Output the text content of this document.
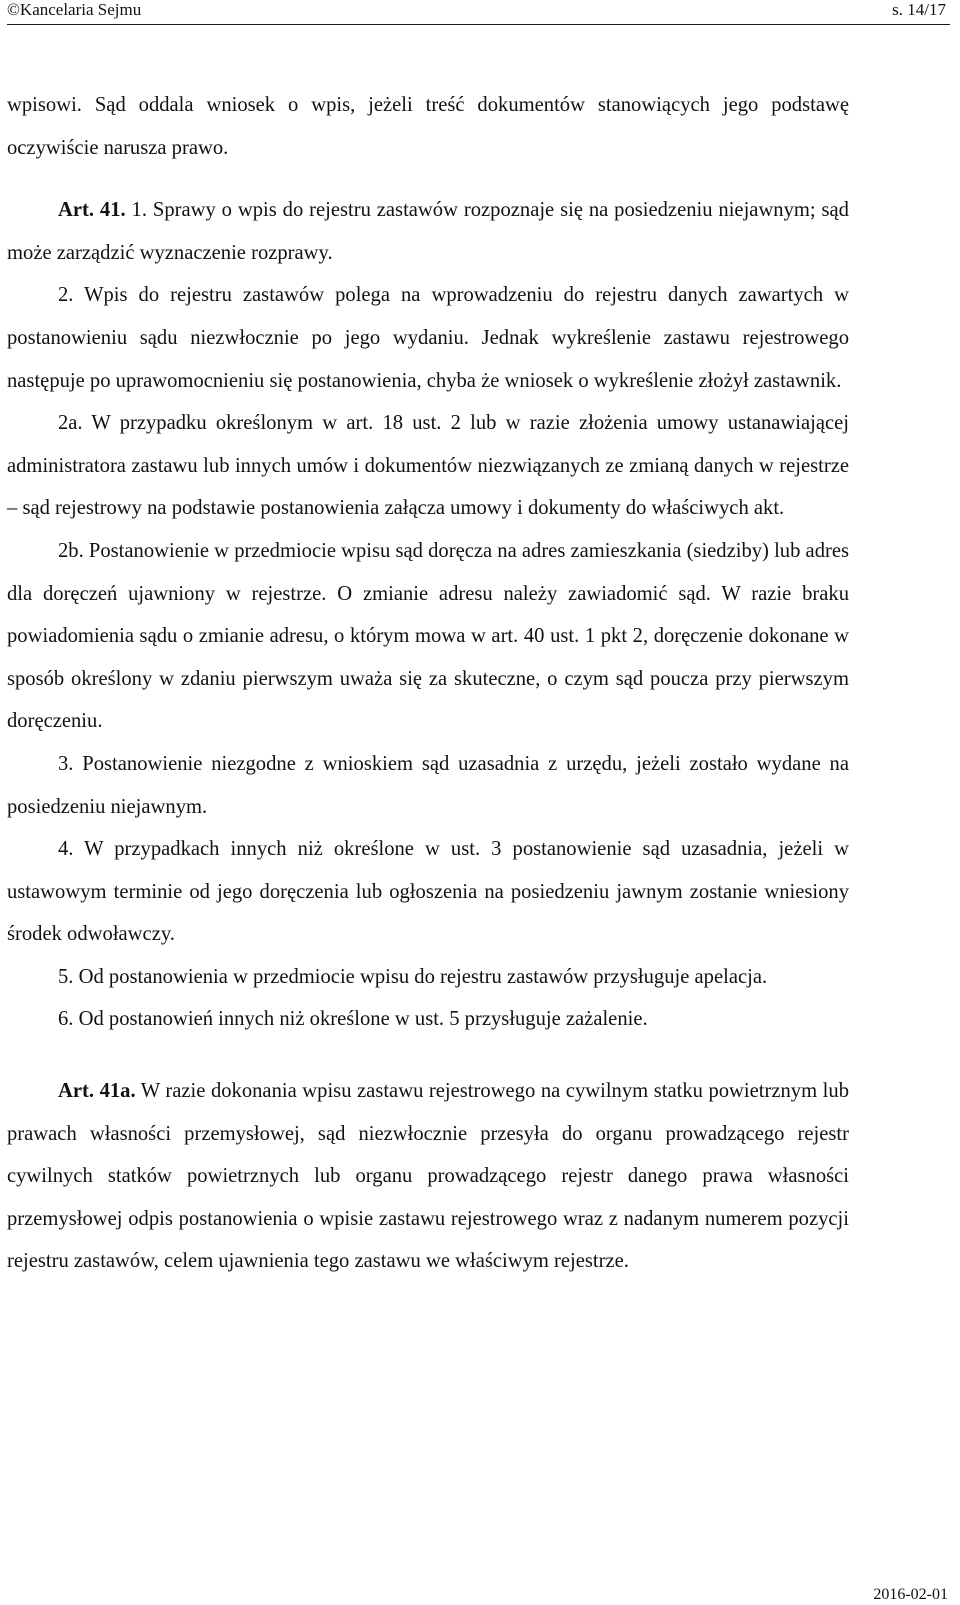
©Kancelaria Sejmu	s. 14/17

wpisowi. Sąd oddala wniosek o wpis, jeżeli treść dokumentów stanowiących jego podstawę oczywiście narusza prawo.

Art. 41. 1. Sprawy o wpis do rejestru zastawów rozpoznaje się na posiedzeniu niejawnym; sąd może zarządzić wyznaczenie rozprawy.

2. Wpis do rejestru zastawów polega na wprowadzeniu do rejestru danych zawartych w postanowieniu sądu niezwłocznie po jego wydaniu. Jednak wykreślenie zastawu rejestrowego następuje po uprawomocnieniu się postanowienia, chyba że wniosek o wykreślenie złożył zastawnik.

2a. W przypadku określonym w art. 18 ust. 2 lub w razie złożenia umowy ustanawiającej administratora zastawu lub innych umów i dokumentów niezwiązanych ze zmianą danych w rejestrze – sąd rejestrowy na podstawie postanowienia załącza umowy i dokumenty do właściwych akt.

2b. Postanowienie w przedmiocie wpisu sąd doręcza na adres zamieszkania (siedziby) lub adres dla doręczeń ujawniony w rejestrze. O zmianie adresu należy zawiadomić sąd. W razie braku powiadomienia sądu o zmianie adresu, o którym mowa w art. 40 ust. 1 pkt 2, doręczenie dokonane w sposób określony w zdaniu pierwszym uważa się za skuteczne, o czym sąd poucza przy pierwszym doręczeniu.

3. Postanowienie niezgodne z wnioskiem sąd uzasadnia z urzędu, jeżeli zostało wydane na posiedzeniu niejawnym.

4. W przypadkach innych niż określone w ust. 3 postanowienie sąd uzasadnia, jeżeli w ustawowym terminie od jego doręczenia lub ogłoszenia na posiedzeniu jawnym zostanie wniesiony środek odwoławczy.

5. Od postanowienia w przedmiocie wpisu do rejestru zastawów przysługuje apelacja.

6. Od postanowień innych niż określone w ust. 5 przysługuje zażalenie.

Art. 41a. W razie dokonania wpisu zastawu rejestrowego na cywilnym statku powietrznym lub prawach własności przemysłowej, sąd niezwłocznie przesyła do organu prowadzącego rejestr cywilnych statków powietrznych lub organu prowadzącego rejestr danego prawa własności przemysłowej odpis postanowienia o wpisie zastawu rejestrowego wraz z nadanym numerem pozycji rejestru zastawów, celem ujawnienia tego zastawu we właściwym rejestrze.

2016-02-01
